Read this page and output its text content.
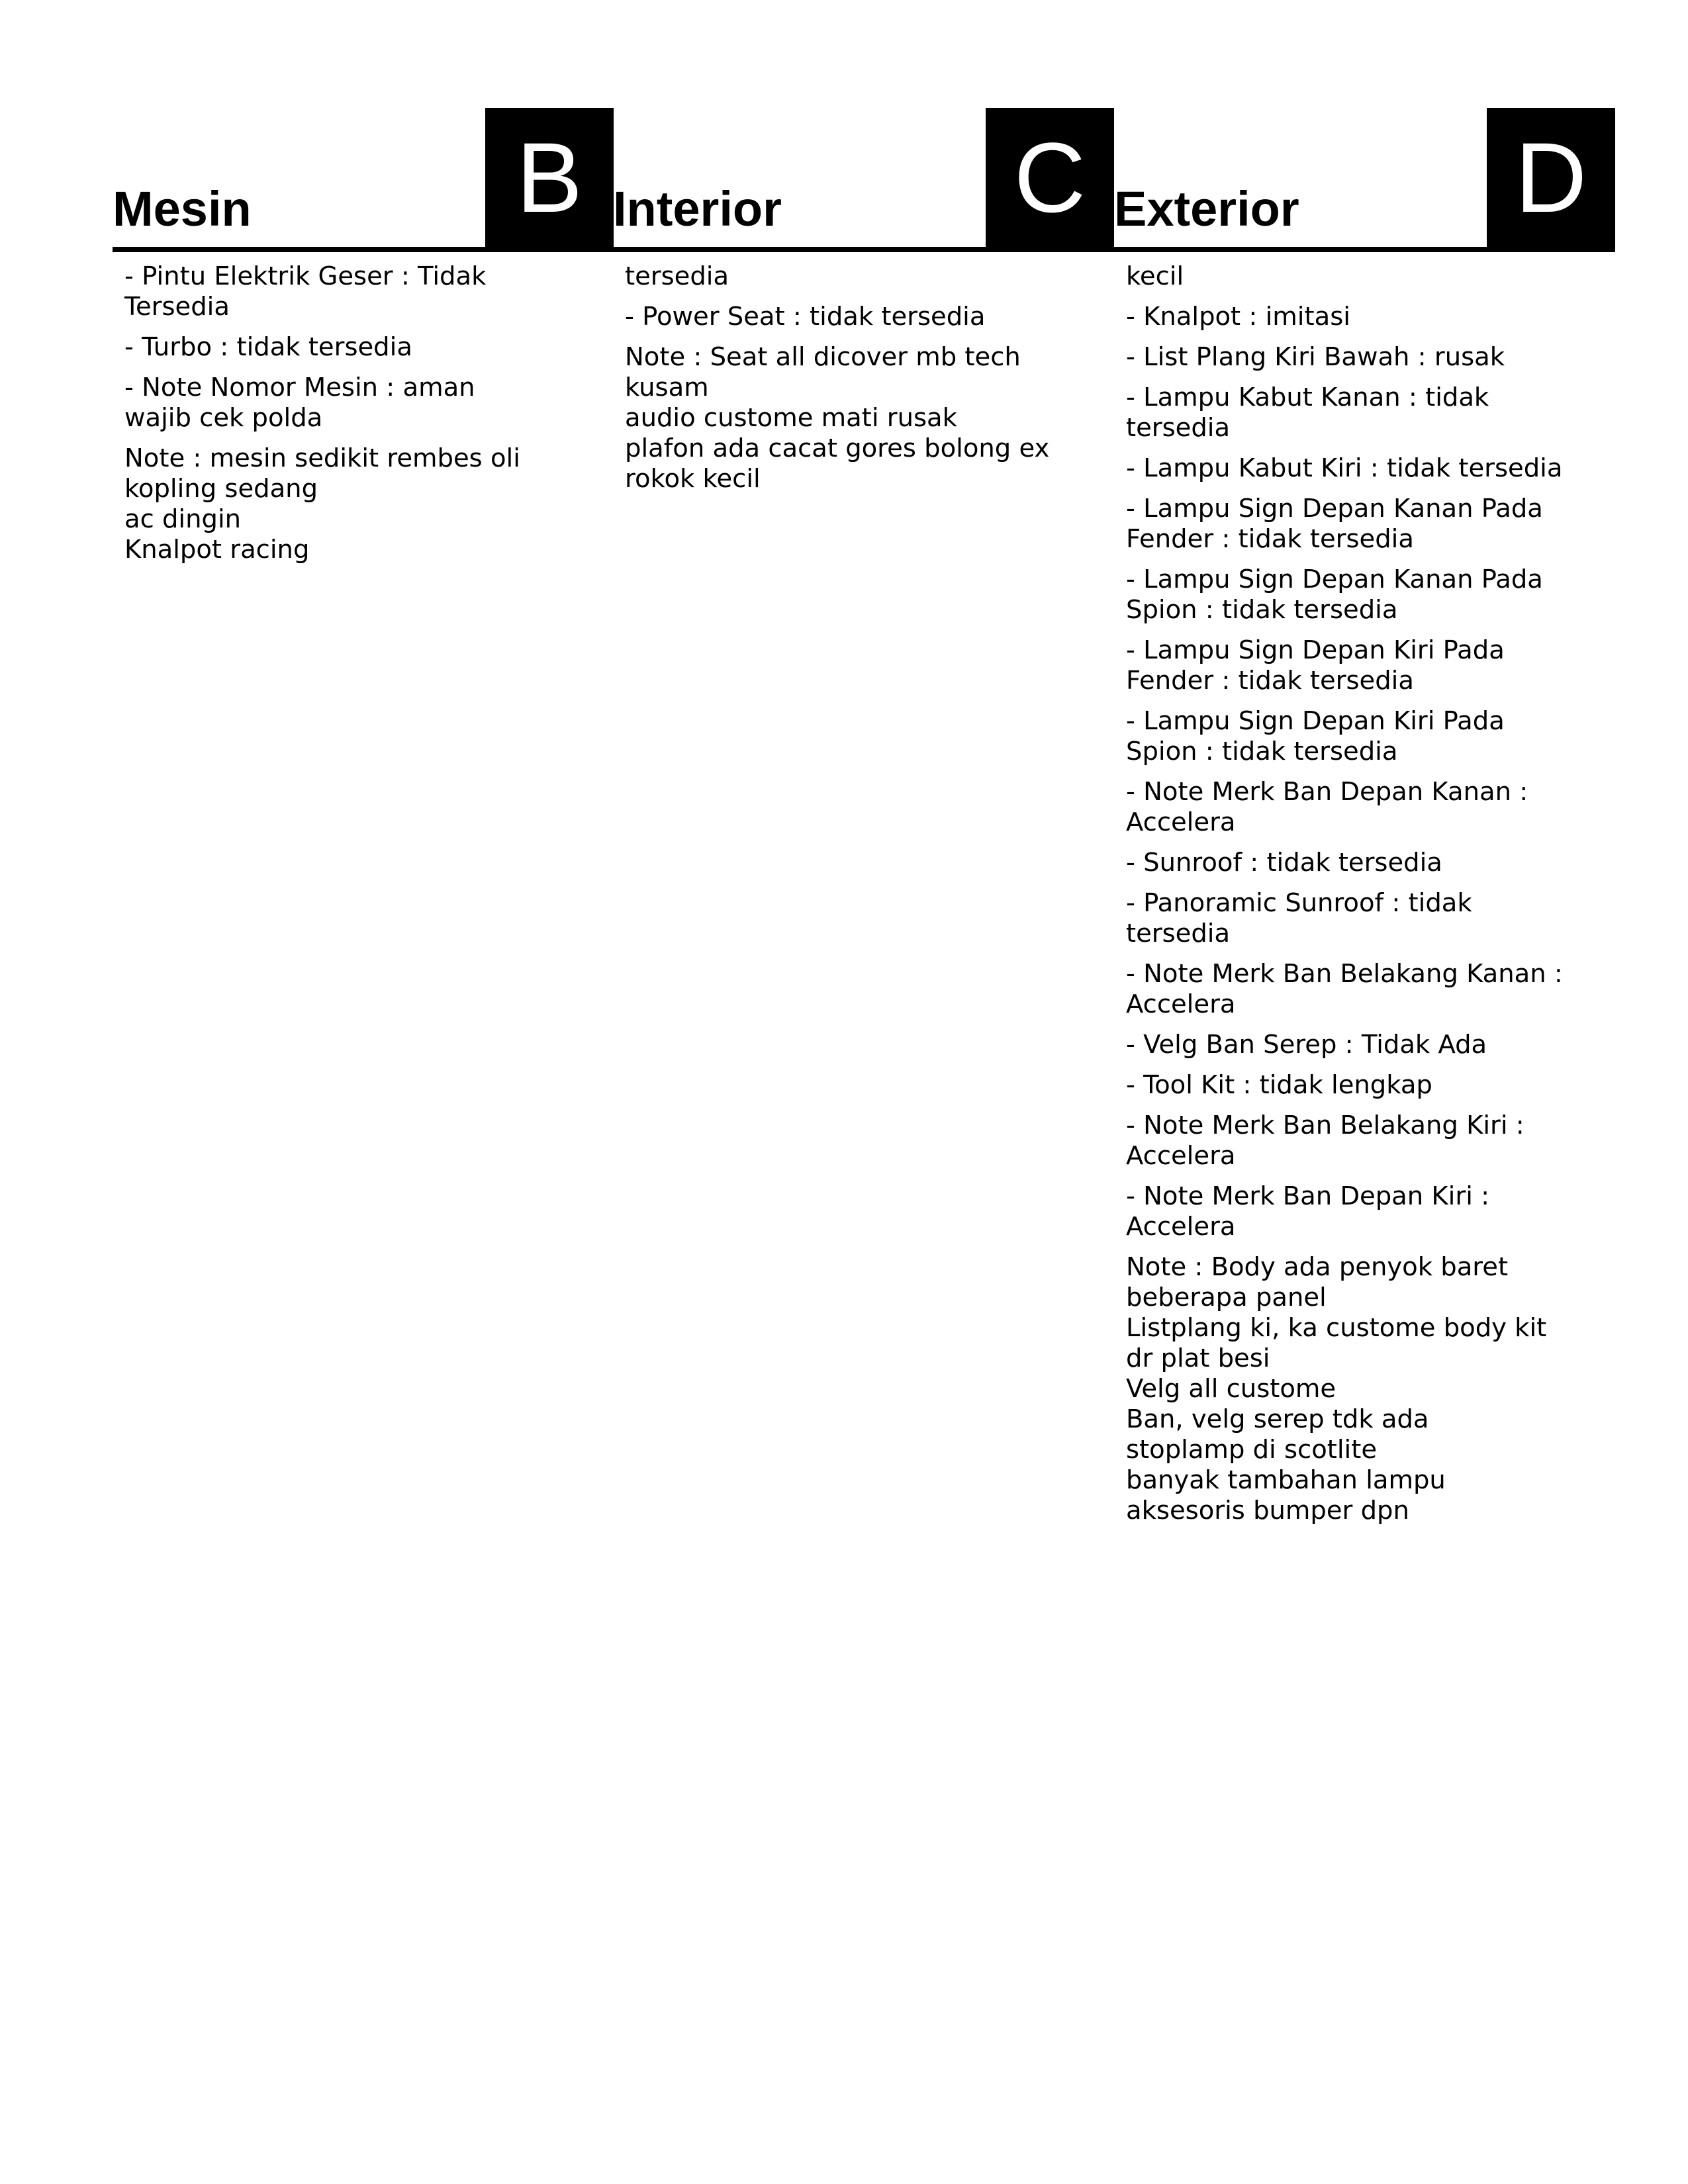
Mesin	B
- Pintu Elektrik Geser : Tidak
Tersedia
- Turbo : tidak tersedia
- Note Nomor Mesin : aman
wajib cek polda
Note : mesin sedikit rembes oli
kopling sedang
ac dingin
Knalpot racing
Interior C
tersedia
- Power Seat : tidak tersedia
Note : Seat all dicover mb tech
kusam
audio custome mati rusak
plafon ada cacat gores bolong ex
rokok kecil
Exterior D
kecil
- Knalpot : imitasi
- List Plang Kiri Bawah : rusak
- Lampu Kabut Kanan : tidak
tersedia
- Lampu Kabut Kiri : tidak tersedia
- Lampu Sign Depan Kanan Pada
Fender : tidak tersedia
- Lampu Sign Depan Kanan Pada
Spion : tidak tersedia
- Lampu Sign Depan Kiri Pada
Fender : tidak tersedia
- Lampu Sign Depan Kiri Pada
Spion : tidak tersedia
- Note Merk Ban Depan Kanan :
Accelera
- Sunroof : tidak tersedia
- Panoramic Sunroof : tidak
tersedia
- Note Merk Ban Belakang Kanan :
Accelera
- Velg Ban Serep : Tidak Ada
- Tool Kit : tidak lengkap
- Note Merk Ban Belakang Kiri :
Accelera
- Note Merk Ban Depan Kiri :
Accelera
Note : Body ada penyok baret
beberapa panel
Listplang ki, ka custome body kit
dr plat besi
Velg all custome
Ban, velg serep tdk ada
stoplamp di scotlite
banyak tambahan lampu
aksesoris bumper dpn
